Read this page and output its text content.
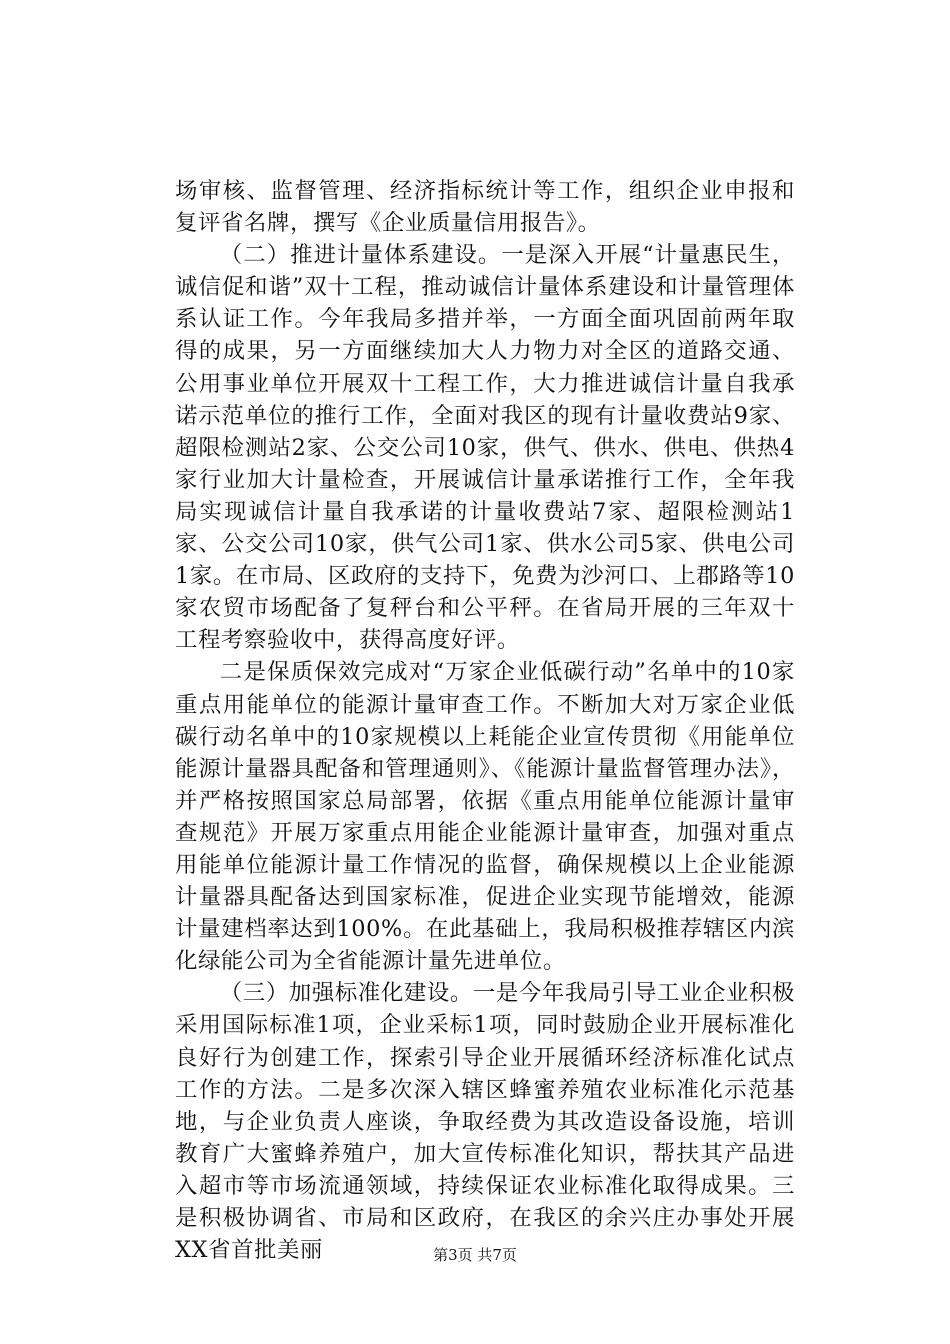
场审核、监督管理、经济指标统计等工作，组织企业申报和复评省名牌，撰写《企业质量信用报告》。

（二）推进计量体系建设。一是深入开展“计量惠民生，诚信促和谐”双十工程，推动诚信计量体系建设和计量管理体系认证工作。今年我局多措并举，一方面全面巩固前两年取得的成果，另一方面继续加大人力物力对全区的道路交通、公用事业单位开展双十工程工作，大力推进诚信计量自我承诺示范单位的推行工作，全面对我区的现有计量收费站9家、超限检测站2家、公交公司10家，供气、供水、供电、供热4家行业加大计量检查，开展诚信计量承诺推行工作，全年我局实现诚信计量自我承诺的计量收费站7家、超限检测站1家、公交公司10家，供气公司1家、供水公司5家、供电公司1家。在市局、区政府的支持下，免费为沙河口、上郡路等10家农贸市场配备了复秤台和公平秤。在省局开展的三年双十工程考察验收中，获得高度好评。

二是保质保效完成对“万家企业低碳行动”名单中的10家重点用能单位的能源计量审查工作。不断加大对万家企业低碳行动名单中的10家规模以上耗能企业宣传贯彻《用能单位能源计量器具配备和管理通则》、《能源计量监督管理办法》，并严格按照国家总局部署，依据《重点用能单位能源计量审查规范》开展万家重点用能企业能源计量审查，加强对重点用能单位能源计量工作情况的监督，确保规模以上企业能源计量器具配备达到国家标准，促进企业实现节能增效，能源计量建档率达到100%。在此基础上，我局积极推荐辖区内滨化绿能公司为全省能源计量先进单位。

（三）加强标准化建设。一是今年我局引导工业企业积极采用国际标准1项，企业采标1项，同时鼓励企业开展标准化良好行为创建工作，探索引导企业开展循环经济标准化试点工作的方法。二是多次深入辖区蜂蜜养殖农业标准化示范基地，与企业负责人座谈，争取经费为其改造设备设施，培训教育广大蜜蜂养殖户，加大宣传标准化知识，帮扶其产品进入超市等市场流通领域，持续保证农业标准化取得成果。三是积极协调省、市局和区政府，在我区的余兴庄办事处开展XX省首批美丽	第3页 共7页
